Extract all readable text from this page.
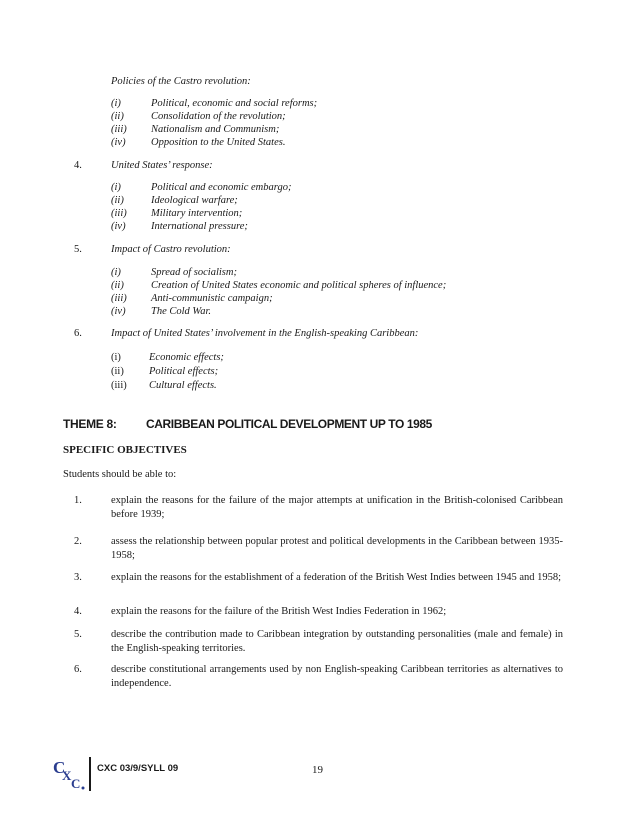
Policies of the Castro revolution:
(i)	Political, economic and social reforms;
(ii)	Consolidation of the revolution;
(iii) Nationalism and Communism;
(iv) Opposition to the United States.
4.	United States’ response:
(i)	Political and economic embargo;
(ii)	Ideological warfare;
(iii) Military intervention;
(iv) International pressure;
5.	Impact of Castro revolution:
(i)	Spread of socialism;
(ii)	Creation of United States economic and political spheres of influence;
(iii) Anti-communistic campaign;
(iv) The Cold War.
6.	Impact of United States’ involvement in the English-speaking Caribbean:
(i)	Economic effects;
(ii) Political effects;
(iii) Cultural effects.
THEME 8: CARIBBEAN POLITICAL DEVELOPMENT UP TO 1985
SPECIFIC OBJECTIVES
Students should be able to:
1.	explain the reasons for the failure of the major attempts at unification in the British-colonised Caribbean before 1939;
2.	assess the relationship between popular protest and political developments in the Caribbean between 1935-1958;
3.	explain the reasons for the establishment of a federation of the British West Indies between 1945 and 1958;
4.	explain the reasons for the failure of the British West Indies Federation in 1962;
5.	describe the contribution made to Caribbean integration by outstanding personalities (male and female) in the English-speaking territories.
6.	describe constitutional arrangements used by non English-speaking Caribbean territories as alternatives to independence.
C
X
C
CXC 03/9/SYLL 09	19
